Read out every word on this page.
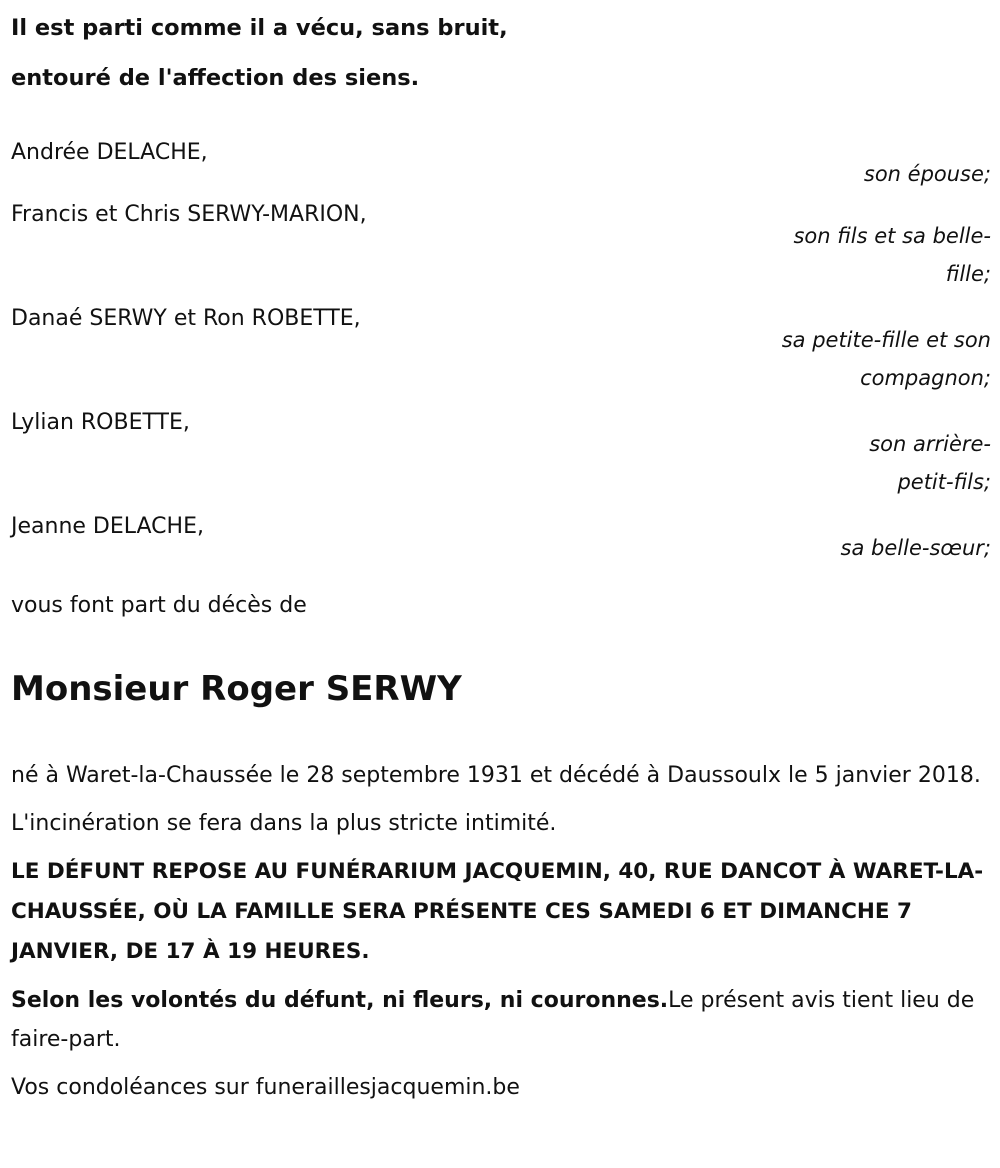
Il est parti comme il a vécu, sans bruit,
entouré de l'affection des siens.
Andrée DELACHE,
son épouse;
Francis et Chris SERWY-MARION,
son fils et sa belle-fille;
Danaé SERWY et Ron ROBETTE,
sa petite-fille et son compagnon;
Lylian ROBETTE,
son arrière-petit-fils;
Jeanne DELACHE,
sa belle-sœur;
vous font part du décès de
Monsieur Roger SERWY

né à Waret-la-Chaussée le 28 septembre 1931 et décédé à Daussoulx le 5 janvier 2018.

L'incinération se fera dans la plus stricte intimité.

LE DÉFUNT REPOSE AU FUNÉRARIUM JACQUEMIN, 40, RUE DANCOT À WARET-LA-CHAUSSÉE, OÙ LA FAMILLE SERA PRÉSENTE CES SAMEDI 6 ET DIMANCHE 7 JANVIER, DE 17 À 19 HEURES.

Selon les volontés du défunt, ni fleurs, ni couronnes.Le présent avis tient lieu de faire-part.

Vos condoléances sur funeraillesjacquemin.be
